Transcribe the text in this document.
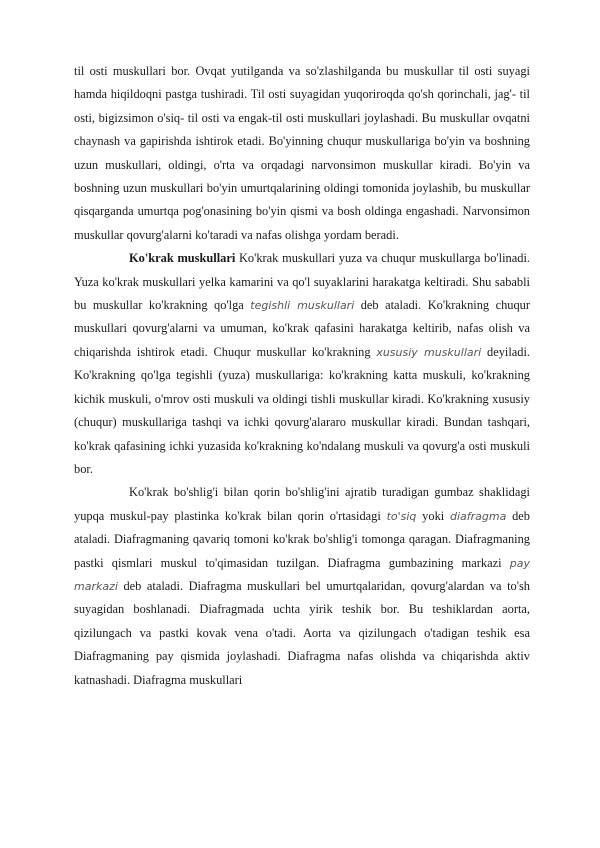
til osti muskullari bor. Ovqat yutilganda va so'zlashilganda bu muskullar til osti suyagi hamda hiqildoqni pastga tushiradi. Til osti suyagidan yuqoriroqda qo'sh qorinchali, jag'- til osti, bigizsimon o'siq- til osti va engak-til osti muskullari joylashadi. Bu muskullar ovqatni chaynash va gapirishda ishtirok etadi. Bo'yinning chuqur muskullariga bo'yin va boshning uzun muskullari, oldingi, o'rta va orqadagi narvonsimon muskullar kiradi. Bo'yin va boshning uzun muskullari bo'yin umurtqalarining oldingi tomonida joylashib, bu muskullar qisqarganda umurtqa pog'onasining bo'yin qismi va bosh oldinga engashadi. Narvonsimon muskullar qovurg'alarni ko'taradi va nafas olishga yordam beradi.

Ko'krak muskullari Ko'krak muskullari yuza va chuqur muskullarga bo'linadi. Yuza ko'krak muskullari yelka kamarini va qo'l suyaklarini harakatga keltiradi. Shu sababli bu muskullar ko'krakning qo'lga tegishli muskullari deb ataladi. Ko'krakning chuqur muskullari qovurg'alarni va umuman, ko'krak qafasini harakatga keltirib, nafas olish va chiqarishda ishtirok etadi. Chuqur muskullar ko'krakning xususiy muskullari deyiladi. Ko'krakning qo'lga tegishli (yuza) muskullariga: ko'krakning katta muskuli, ko'krakning kichik muskuli, o'mrov osti muskuli va oldingi tishli muskullar kiradi. Ko'krakning xususiy (chuqur) muskullariga tashqi va ichki qovurg'alararo muskullar kiradi. Bundan tashqari, ko'krak qafasining ichki yuzasida ko'krakning ko'ndalang muskuli va qovurg'a osti muskuli bor.

Ko'krak bo'shlig'i bilan qorin bo'shlig'ini ajratib turadigan gumbaz shaklidagi yupqa muskul-pay plastinka ko'krak bilan qorin o'rtasidagi to'siq yoki diafragma deb ataladi. Diafragmaning qavariq tomoni ko'krak bo'shlig'i tomonga qaragan. Diafragmaning pastki qismlari muskul to'qimasidan tuzilgan. Diafragma gumbazining markazi pay markazi deb ataladi. Diafragma muskullari bel umurtqalaridan, qovurg'alardan va to'sh suyagidan boshlanadi. Diafragmada uchta yirik teshik bor. Bu teshiklardan aorta, qizilungach va pastki kovak vena o'tadi. Aorta va qizilungach o'tadigan teshik esa Diafragmaning pay qismida joylashadi. Diafragma nafas olishda va chiqarishda aktiv katnashadi. Diafragma muskullari
